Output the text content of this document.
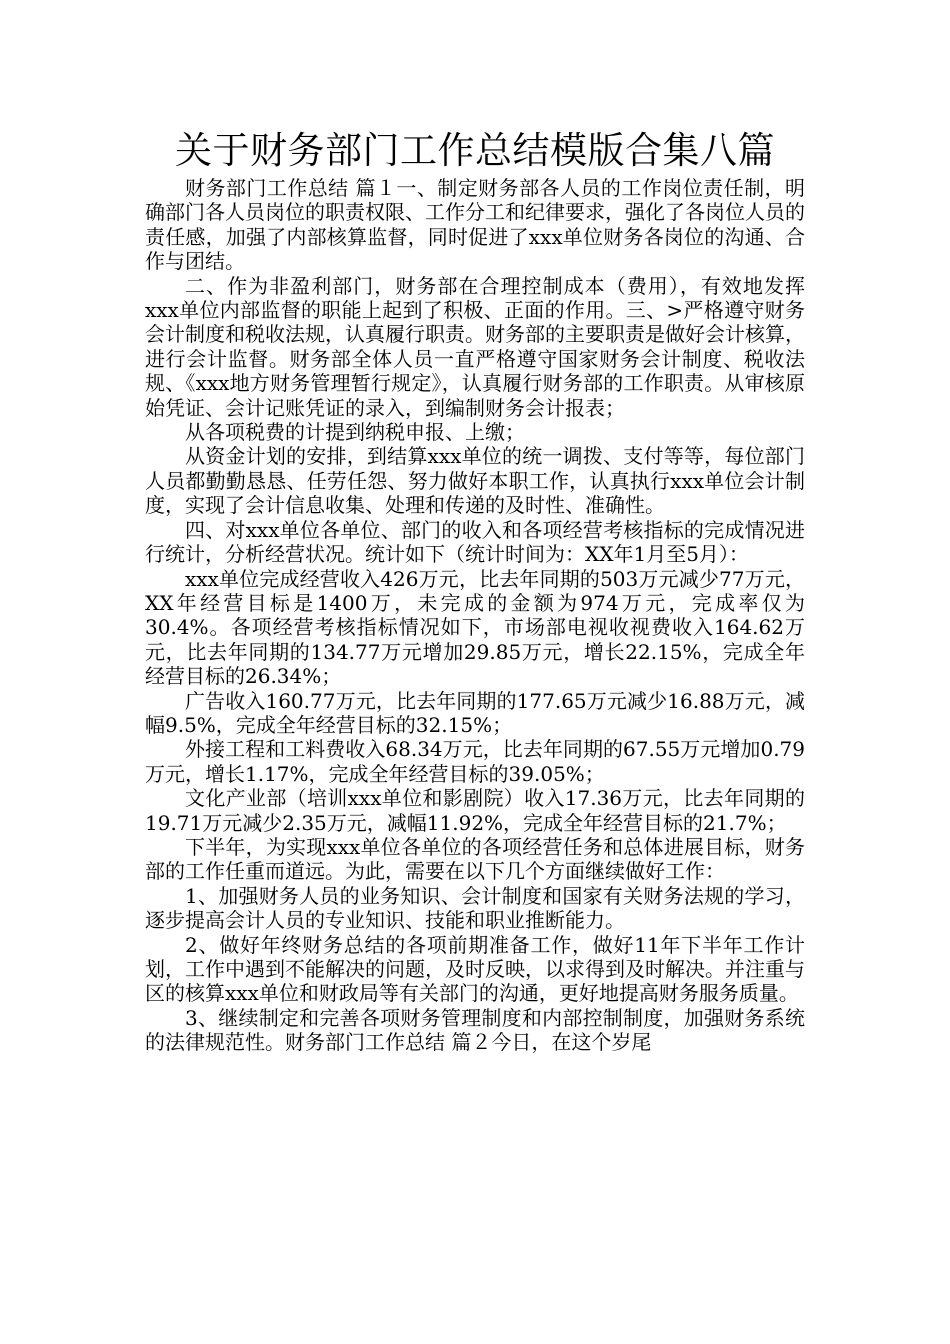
关于财务部门工作总结模版合集八篇

财务部门工作总结 篇１一、制定财务部各人员的工作岗位责任制，明确部门各人员岗位的职责权限、工作分工和纪律要求，强化了各岗位人员的责任感，加强了内部核算监督，同时促进了xxx单位财务各岗位的沟通、合作与团结。

二、作为非盈利部门，财务部在合理控制成本（费用），有效地发挥xxx单位内部监督的职能上起到了积极、正面的作用。三、>严格遵守财务会计制度和税收法规，认真履行职责。财务部的主要职责是做好会计核算，进行会计监督。财务部全体人员一直严格遵守国家财务会计制度、税收法规、《xxx地方财务管理暂行规定》，认真履行财务部的工作职责。从审核原始凭证、会计记账凭证的录入，到编制财务会计报表；

从各项税费的计提到纳税申报、上缴；

从资金计划的安排，到结算xxx单位的统一调拨、支付等等，每位部门人员都勤勤恳恳、任劳任怨、努力做好本职工作，认真执行xxx单位会计制度，实现了会计信息收集、处理和传递的及时性、准确性。

四、对xxx单位各单位、部门的收入和各项经营考核指标的完成情况进行统计，分析经营状况。统计如下（统计时间为：XX年1月至5月）：

xxx单位完成经营收入426万元，比去年同期的503万元减少77万元，XX年经营目标是1400万，未完成的金额为974万元，完成率仅为30.4%。各项经营考核指标情况如下，市场部电视收视费收入164.62万元，比去年同期的134.77万元增加29.85万元，增长22.15%，完成全年经营目标的26.34%；

广告收入160.77万元，比去年同期的177.65万元减少16.88万元，减幅9.5%，完成全年经营目标的32.15%；

外接工程和工料费收入68.34万元，比去年同期的67.55万元增加0.79万元，增长1.17%，完成全年经营目标的39.05%；

文化产业部（培训xxx单位和影剧院）收入17.36万元，比去年同期的19.71万元减少2.35万元，减幅11.92%，完成全年经营目标的21.7%；

下半年，为实现xxx单位各单位的各项经营任务和总体进展目标，财务部的工作任重而道远。为此，需要在以下几个方面继续做好工作：

1、加强财务人员的业务知识、会计制度和国家有关财务法规的学习，逐步提高会计人员的专业知识、技能和职业推断能力。

2、做好年终财务总结的各项前期准备工作，做好11年下半年工作计划，工作中遇到不能解决的问题，及时反映，以求得到及时解决。并注重与区的核算xxx单位和财政局等有关部门的沟通，更好地提高财务服务质量。

3、继续制定和完善各项财务管理制度和内部控制制度，加强财务系统的法律规范性。财务部门工作总结 篇２今日，在这个岁尾
